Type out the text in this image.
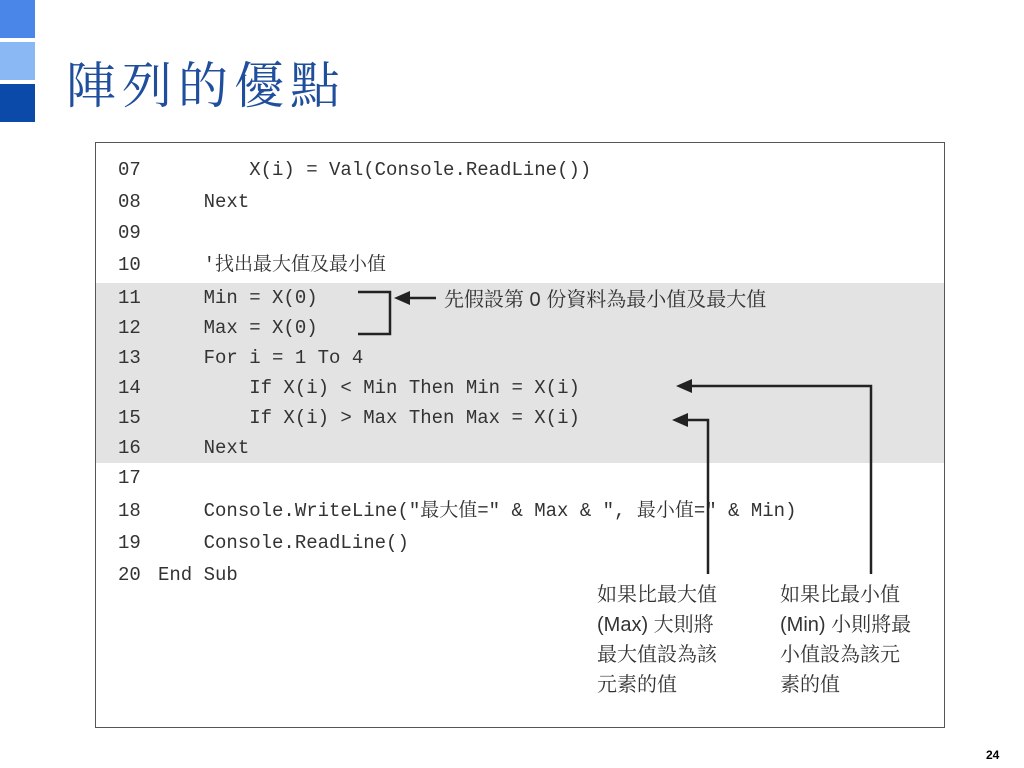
陣列的優點
07        X(i) = Val(Console.ReadLine())
08    Next
09
10    '找出最大值及最小值
11    Min = X(0)
12    Max = X(0)
13    For i = 1 To 4
14        If X(i) < Min Then Min = X(i)
15        If X(i) > Max Then Max = X(i)
16    Next
17
18    Console.WriteLine("最大值=" & Max & ", 最小值=" & Min)
19    Console.ReadLine()
20 End Sub
先假設第 0 份資料為最小值及最大值
如果比最大值
(Max) 大則將
最大值設為該
元素的值
如果比最小值
(Min) 小則將最
小值設為該元
素的值
24
